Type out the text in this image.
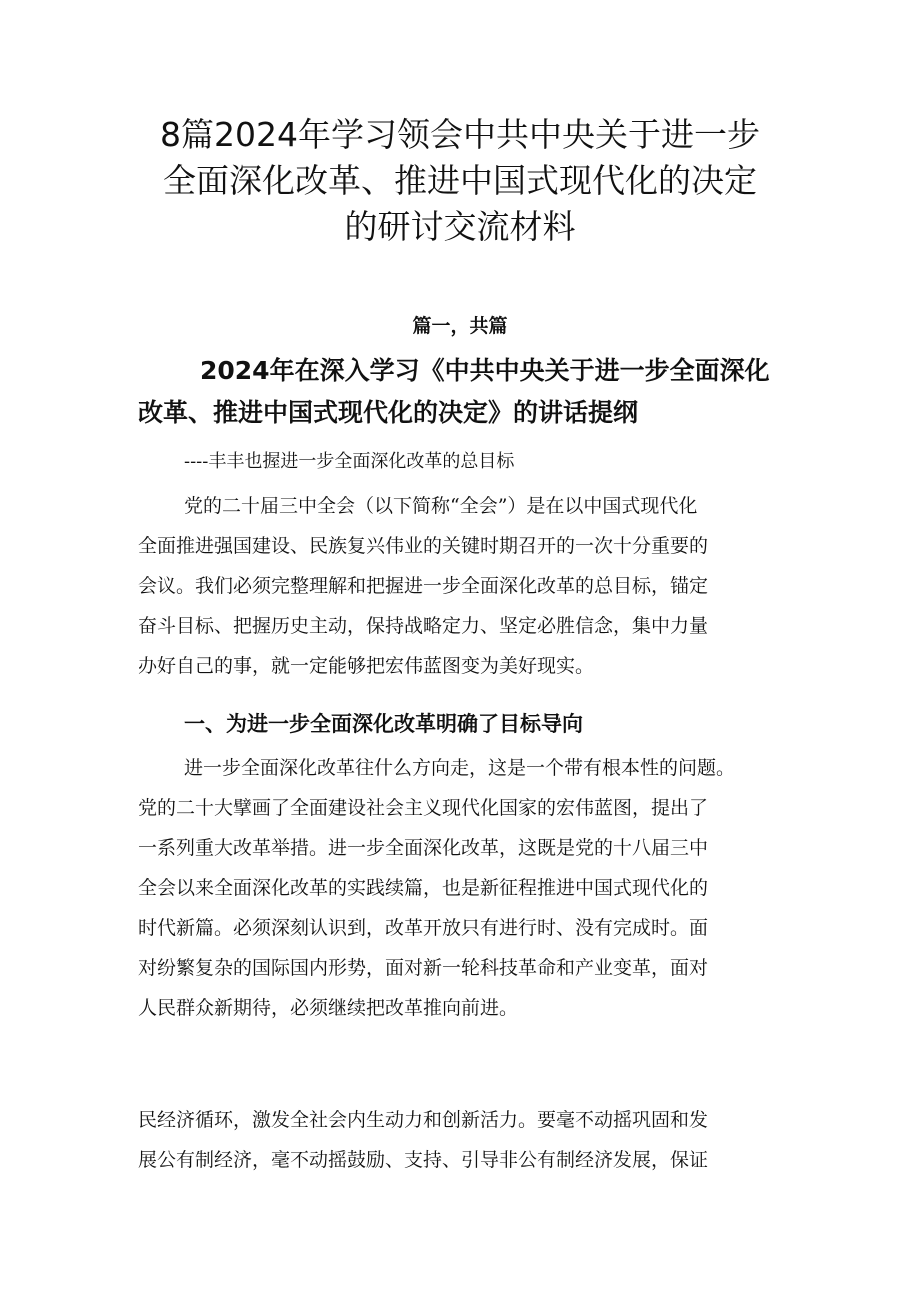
8篇2024年学习领会中共中央关于进一步
全面深化改革、推进中国式现代化的决定
的研讨交流材料
篇一，共篇
2024年在深入学习《中共中央关于进一步全面深化
改革、推进中国式现代化的决定》的讲话提纲
----丰丰也握进一步全面深化改革的总目标

党的二十届三中全会（以下简称“全会”）是在以中国式现代化
全面推进强国建设、民族复兴伟业的关键时期召开的一次十分重要的
会议。我们必须完整理解和把握进一步全面深化改革的总目标，锚定
奋斗目标、把握历史主动，保持战略定力、坚定必胜信念，集中力量
办好自己的事，就一定能够把宏伟蓝图变为美好现实。

一、为进一步全面深化改革明确了目标导向

进一步全面深化改革往什么方向走，这是一个带有根本性的问题。
党的二十大擘画了全面建设社会主义现代化国家的宏伟蓝图，提出了
一系列重大改革举措。进一步全面深化改革，这既是党的十八届三中
全会以来全面深化改革的实践续篇，也是新征程推进中国式现代化的
时代新篇。必须深刻认识到，改革开放只有进行时、没有完成时。面
对纷繁复杂的国际国内形势，面对新一轮科技革命和产业变革，面对
人民群众新期待，必须继续把改革推向前进。

民经济循环，激发全社会内生动力和创新活力。要毫不动摇巩固和发
展公有制经济，毫不动摇鼓励、支持、引导非公有制经济发展，保证
